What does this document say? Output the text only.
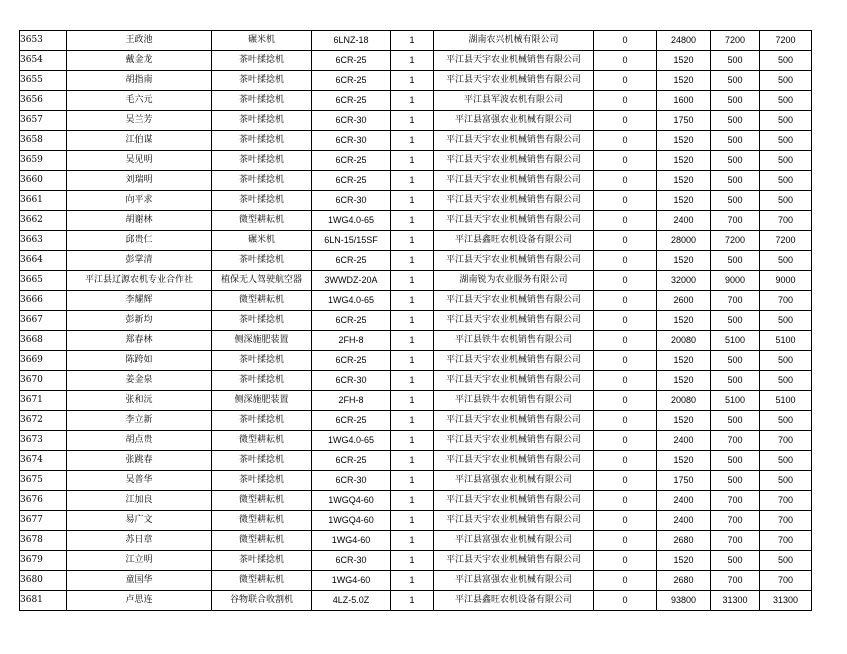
3653	王政池	碾米机	6LNZ-18	1	湖南农兴机械有限公司	0	24800	7200	7200
3654	戴金龙	茶叶揉捻机	6CR-25	1	平江县天宇农业机械销售有限公司	0	1520	500	500
3655	胡指南	茶叶揉捻机	6CR-25	1	平江县天宇农业机械销售有限公司	0	1520	500	500
3656	毛六元	茶叶揉捻机	6CR-25	1	平江县军波农机有限公司	0	1600	500	500
3657	吴兰芳	茶叶揉捻机	6CR-30	1	平江县富强农业机械有限公司	0	1750	500	500
3658	江伯谋	茶叶揉捻机	6CR-30	1	平江县天宇农业机械销售有限公司	0	1520	500	500
3659	吴见明	茶叶揉捻机	6CR-25	1	平江县天宇农业机械销售有限公司	0	1520	500	500
3660	刘瑞明	茶叶揉捻机	6CR-25	1	平江县天宇农业机械销售有限公司	0	1520	500	500
3661	向平求	茶叶揉捻机	6CR-30	1	平江县天宇农业机械销售有限公司	0	1520	500	500
3662	胡谢林	微型耕耘机	1WG4.0-65	1	平江县天宇农业机械销售有限公司	0	2400	700	700
3663	邱贵仁	碾米机	6LN-15/15SF	1	平江县鑫旺农机设备有限公司	0	28000	7200	7200
3664	彭掌清	茶叶揉捻机	6CR-25	1	平江县天宇农业机械销售有限公司	0	1520	500	500
3665	平江县辽源农机专业合作社	植保无人驾驶航空器	3WWDZ-20A	1	湖南锐为农业服务有限公司	0	32000	9000	9000
3666	李耀辉	微型耕耘机	1WG4.0-65	1	平江县天宇农业机械销售有限公司	0	2600	700	700
3667	彭新均	茶叶揉捻机	6CR-25	1	平江县天宇农业机械销售有限公司	0	1520	500	500
3668	郑春林	侧深施肥装置	2FH-8	1	平江县铁牛农机销售有限公司	0	20080	5100	5100
3669	陈跨如	茶叶揉捻机	6CR-25	1	平江县天宇农业机械销售有限公司	0	1520	500	500
3670	姜金泉	茶叶揉捻机	6CR-30	1	平江县天宇农业机械销售有限公司	0	1520	500	500
3671	张和沅	侧深施肥装置	2FH-8	1	平江县铁牛农机销售有限公司	0	20080	5100	5100
3672	李立新	茶叶揉捻机	6CR-25	1	平江县天宇农业机械销售有限公司	0	1520	500	500
3673	胡点贵	微型耕耘机	1WG4.0-65	1	平江县天宇农业机械销售有限公司	0	2400	700	700
3674	张跳春	茶叶揉捻机	6CR-25	1	平江县天宇农业机械销售有限公司	0	1520	500	500
3675	吴普华	茶叶揉捻机	6CR-30	1	平江县富强农业机械有限公司	0	1750	500	500
3676	江加良	微型耕耘机	1WGQ4-60	1	平江县天宇农业机械销售有限公司	0	2400	700	700
3677	易广文	微型耕耘机	1WGQ4-60	1	平江县天宇农业机械销售有限公司	0	2400	700	700
3678	苏日章	微型耕耘机	1WG4-60	1	平江县富强农业机械有限公司	0	2680	700	700
3679	江立明	茶叶揉捻机	6CR-30	1	平江县天宇农业机械销售有限公司	0	1520	500	500
3680	童国华	微型耕耘机	1WG4-60	1	平江县富强农业机械有限公司	0	2680	700	700
3681	卢思连	谷物联合收割机	4LZ-5.0Z	1	平江县鑫旺农机设备有限公司	0	93800	31300	31300
